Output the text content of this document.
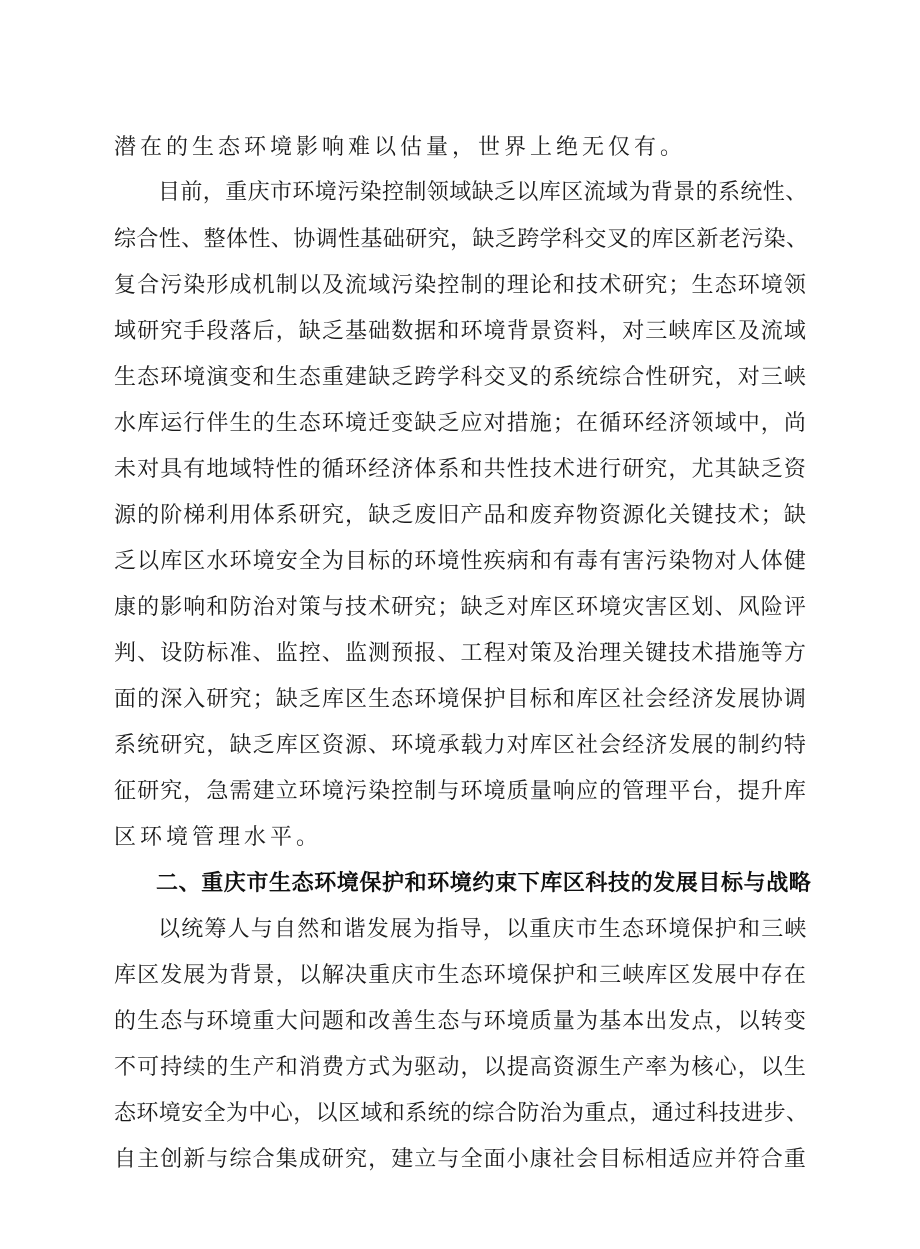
潜在的生态环境影响难以估量，世界上绝无仅有。
目前，重庆市环境污染控制领域缺乏以库区流域为背景的系统性、
综合性、整体性、协调性基础研究，缺乏跨学科交叉的库区新老污染、
复合污染形成机制以及流域污染控制的理论和技术研究；生态环境领
域研究手段落后，缺乏基础数据和环境背景资料，对三峡库区及流域
生态环境演变和生态重建缺乏跨学科交叉的系统综合性研究，对三峡
水库运行伴生的生态环境迁变缺乏应对措施；在循环经济领域中，尚
未对具有地域特性的循环经济体系和共性技术进行研究，尤其缺乏资
源的阶梯利用体系研究，缺乏废旧产品和废弃物资源化关键技术；缺
乏以库区水环境安全为目标的环境性疾病和有毒有害污染物对人体健
康的影响和防治对策与技术研究；缺乏对库区环境灾害区划、风险评
判、设防标准、监控、监测预报、工程对策及治理关键技术措施等方
面的深入研究；缺乏库区生态环境保护目标和库区社会经济发展协调
系统研究，缺乏库区资源、环境承载力对库区社会经济发展的制约特
征研究，急需建立环境污染控制与环境质量响应的管理平台，提升库
区环境管理水平。
二、重庆市生态环境保护和环境约束下库区科技的发展目标与战略
以统筹人与自然和谐发展为指导，以重庆市生态环境保护和三峡
库区发展为背景，以解决重庆市生态环境保护和三峡库区发展中存在
的生态与环境重大问题和改善生态与环境质量为基本出发点，以转变
不可持续的生产和消费方式为驱动，以提高资源生产率为核心，以生
态环境安全为中心，以区域和系统的综合防治为重点，通过科技进步、
自主创新与综合集成研究，建立与全面小康社会目标相适应并符合重
